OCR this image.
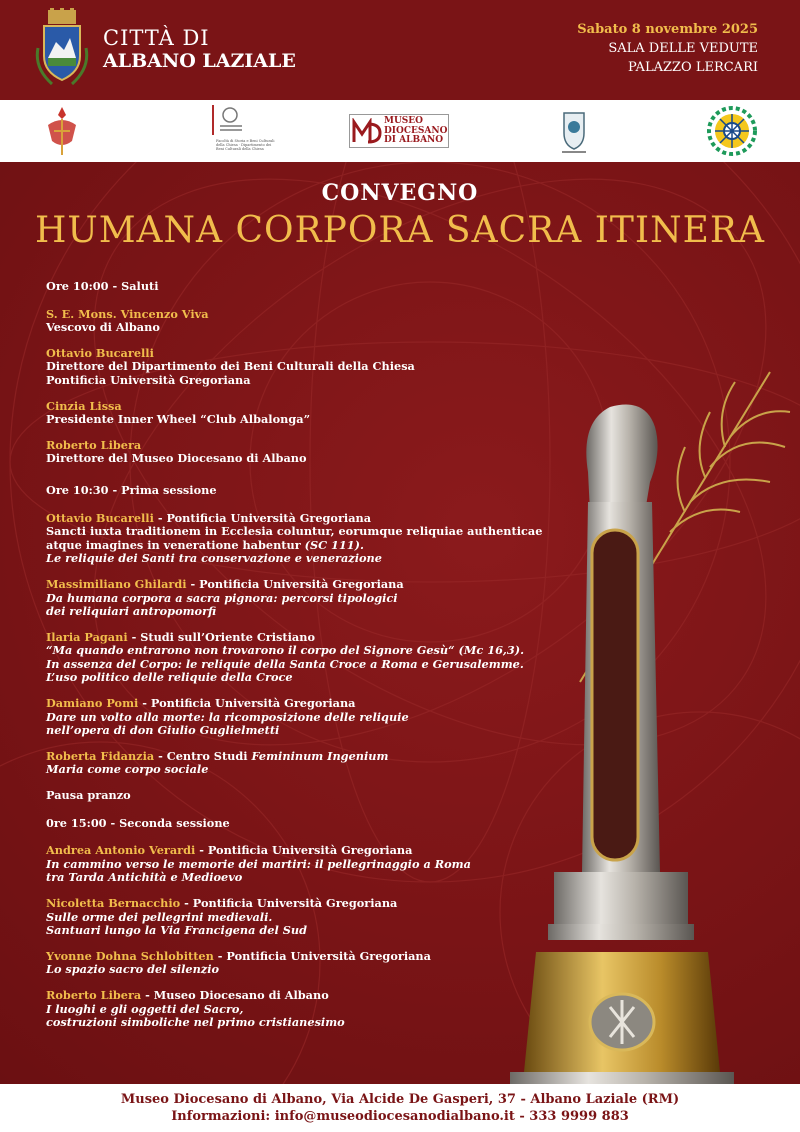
CITTÀ DI
ALBANO LAZIALE
Sabato 8 novembre 2025
SALA DELLE VEDUTE
PALAZZO LERCARI
Facoltà di Storia e Beni Culturali della Chiesa · Dipartimento dei Beni Culturali della Chiesa
MUSEO
DIOCESANO
DI ALBANO
CONVEGNO
HUMANA CORPORA SACRA ITINERA
Ore 10:00 - Saluti
S. E. Mons. Vincenzo Viva
Vescovo di Albano
Ottavio Bucarelli
Direttore del Dipartimento dei Beni Culturali della Chiesa
Pontificia Università Gregoriana
Cinzia Lissa
Presidente Inner Wheel “Club Albalonga”
Roberto Libera
Direttore del Museo Diocesano di Albano
Ore 10:30 - Prima sessione
Ottavio Bucarelli - Pontificia Università Gregoriana
Sancti iuxta traditionem in Ecclesia coluntur, eorumque reliquiae authenticae
atque imagines in veneratione habentur (SC 111).
Le reliquie dei Santi tra conservazione e venerazione
Massimiliano Ghilardi - Pontificia Università Gregoriana
Da humana corpora a sacra pignora: percorsi tipologici
dei reliquiari antropomorfi
Ilaria Pagani - Studi sull’Oriente Cristiano
“Ma quando entrarono non trovarono il corpo del Signore Gesù“ (Mc 16,3).
In assenza del Corpo: le reliquie della Santa Croce a Roma e Gerusalemme.
L’uso politico delle reliquie della Croce
Damiano Pomi - Pontificia Università Gregoriana
Dare un volto alla morte: la ricomposizione delle reliquie
nell’opera di don Giulio Guglielmetti
Roberta Fidanzia - Centro Studi Femininum Ingenium
Maria come corpo sociale
Pausa pranzo
0re 15:00 - Seconda sessione
Andrea Antonio Verardi - Pontificia Università Gregoriana
In cammino verso le memorie dei martiri: il pellegrinaggio a Roma
tra Tarda Antichità e Medioevo
Nicoletta Bernacchio - Pontificia Università Gregoriana
Sulle orme dei pellegrini medievali.
Santuari lungo la Via Francigena del Sud
Yvonne Dohna Schlobitten - Pontificia Università Gregoriana
Lo spazio sacro del silenzio
Roberto Libera - Museo Diocesano di Albano
I luoghi e gli oggetti del Sacro,
costruzioni simboliche nel primo cristianesimo
Museo Diocesano di Albano, Via Alcide De Gasperi, 37 - Albano Laziale (RM)
Informazioni: info@museodiocesanodialbano.it - 333 9999 883
